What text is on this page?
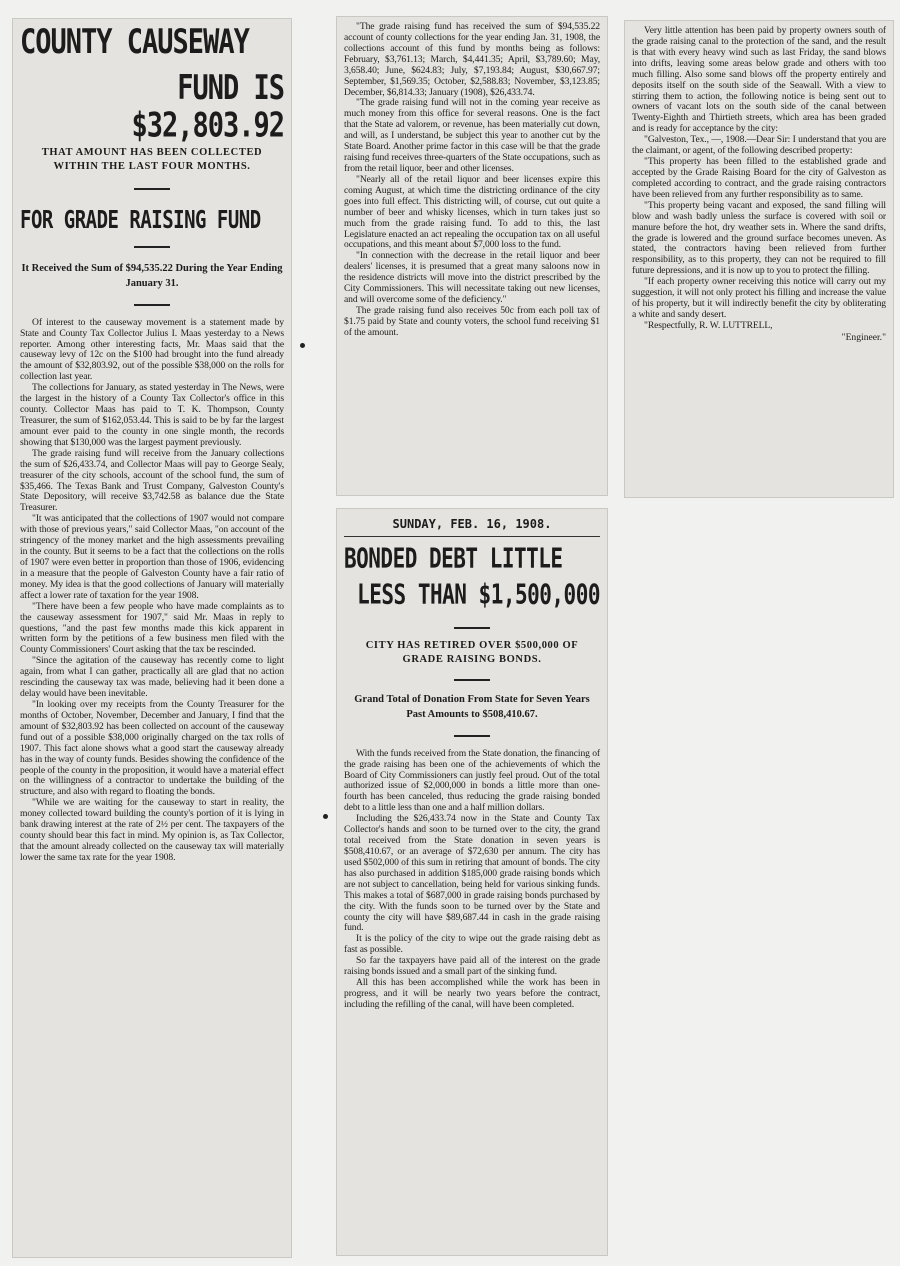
COUNTY CAUSEWAY
FUND IS $32,803.92

THAT AMOUNT HAS BEEN COLLECTED WITHIN THE LAST FOUR MONTHS.

FOR GRADE RAISING FUND

It Received the Sum of $94,535.22 During the Year Ending January 31.

Of interest to the causeway movement is a statement made by State and County Tax Collector Julius I. Maas yesterday to a News reporter. Among other interesting facts, Mr. Maas said that the causeway levy of 12c on the $100 had brought into the fund already the amount of $32,803.92, out of the possible $38,000 on the rolls for collection last year.

The collections for January, as stated yesterday in The News, were the largest in the history of a County Tax Collector's office in this county. Collector Maas has paid to T. K. Thompson, County Treasurer, the sum of $162,053.44. This is said to be by far the largest amount ever paid to the county in one single month, the records showing that $130,000 was the largest payment previously.

The grade raising fund will receive from the January collections the sum of $26,433.74, and Collector Maas will pay to George Sealy, treasurer of the city schools, account of the school fund, the sum of $35,466. The Texas Bank and Trust Company, Galveston County's State Depository, will receive $3,742.58 as balance due the State Treasurer.

"It was anticipated that the collections of 1907 would not compare with those of previous years," said Collector Maas, "on account of the stringency of the money market and the high assessments prevailing in the county. But it seems to be a fact that the collections on the rolls of 1907 were even better in proportion than those of 1906, evidencing in a measure that the people of Galveston County have a fair ratio of money. My idea is that the good collections of January will materially affect a lower rate of taxation for the year 1908.

"There have been a few people who have made complaints as to the causeway assessment for 1907," said Mr. Maas in reply to questions, "and the past few months made this kick apparent in written form by the petitions of a few business men filed with the County Commissioners' Court asking that the tax be rescinded.

"Since the agitation of the causeway has recently come to light again, from what I can gather, practically all are glad that no action rescinding the causeway tax was made, believing had it been done a delay would have been inevitable.

"In looking over my receipts from the County Treasurer for the months of October, November, December and January, I find that the amount of $32,803.92 has been collected on account of the causeway fund out of a possible $38,000 originally charged on the tax rolls of 1907. This fact alone shows what a good start the causeway already has in the way of county funds. Besides showing the confidence of the people of the county in the proposition, it would have a material effect on the willingness of a contractor to undertake the building of the structure, and also with regard to floating the bonds.

"While we are waiting for the causeway to start in reality, the money collected toward building the county's portion of it is lying in bank drawing interest at the rate of 2½ per cent. The taxpayers of the county should bear this fact in mind. My opinion is, as Tax Collector, that the amount already collected on the causeway tax will materially lower the same tax rate for the year 1908.

"The grade raising fund has received the sum of $94,535.22 account of county collections for the year ending Jan. 31, 1908, the collections account of this fund by months being as follows: February, $3,761.13; March, $4,441.35; April, $3,789.60; May, 3,658.40; June, $624.83; July, $7,193.84; August, $30,667.97; September, $1,569.35; October, $2,588.83; November, $3,123.85; December, $6,814.33; January (1908), $26,433.74.

"The grade raising fund will not in the coming year receive as much money from this office for several reasons. One is the fact that the State ad valorem, or revenue, has been materially cut down, and will, as I understand, be subject this year to another cut by the State Board. Another prime factor in this case will be that the grade raising fund receives three-quarters of the State occupations, such as from the retail liquor, beer and other licenses.

"Nearly all of the retail liquor and beer licenses expire this coming August, at which time the districting ordinance of the city goes into full effect. This districting will, of course, cut out quite a number of beer and whisky licenses, which in turn takes just so much from the grade raising fund. To add to this, the last Legislature enacted an act repealing the occupation tax on all useful occupations, and this meant about $7,000 loss to the fund.

"In connection with the decrease in the retail liquor and beer dealers' licenses, it is presumed that a great many saloons now in the residence districts will move into the district prescribed by the City Commissioners. This will necessitate taking out new licenses, and will overcome some of the deficiency."

The grade raising fund also receives 50c from each poll tax of $1.75 paid by State and county voters, the school fund receiving $1 of the amount.

SUNDAY, FEB. 16, 1908.

BONDED DEBT LITTLE
LESS THAN $1,500,000

CITY HAS RETIRED OVER $500,000 OF GRADE RAISING BONDS.

Grand Total of Donation From State for Seven Years Past Amounts to $508,410.67.

With the funds received from the State donation, the financing of the grade raising has been one of the achievements of which the Board of City Commissioners can justly feel proud. Out of the total authorized issue of $2,000,000 in bonds a little more than one-fourth has been canceled, thus reducing the grade raising bonded debt to a little less than one and a half million dollars.

Including the $26,433.74 now in the State and County Tax Collector's hands and soon to be turned over to the city, the grand total received from the State donation in seven years is $508,410.67, or an average of $72,630 per annum. The city has used $502,000 of this sum in retiring that amount of bonds. The city has also purchased in addition $185,000 grade raising bonds which are not subject to cancellation, being held for various sinking funds. This makes a total of $687,000 in grade raising bonds purchased by the city. With the funds soon to be turned over by the State and county the city will have $89,687.44 in cash in the grade raising fund.

It is the policy of the city to wipe out the grade raising debt as fast as possible.

So far the taxpayers have paid all of the interest on the grade raising bonds issued and a small part of the sinking fund.

All this has been accomplished while the work has been in progress, and it will be nearly two years before the contract, including the refilling of the canal, will have been completed.

Very little attention has been paid by property owners south of the grade raising canal to the protection of the sand, and the result is that with every heavy wind such as last Friday, the sand blows into drifts, leaving some areas below grade and others with too much filling. Also some sand blows off the property entirely and deposits itself on the south side of the Seawall. With a view to stirring them to action, the following notice is being sent out to owners of vacant lots on the south side of the canal between Twenty-Eighth and Thirtieth streets, which area has been graded and is ready for acceptance by the city:

"Galveston, Tex., —, 1908.—Dear Sir: I understand that you are the claimant, or agent, of the following described property:

"This property has been filled to the established grade and accepted by the Grade Raising Board for the city of Galveston as completed according to contract, and the grade raising contractors have been relieved from any further responsibility as to same.

"This property being vacant and exposed, the sand filling will blow and wash badly unless the surface is covered with soil or manure before the hot, dry weather sets in. Where the sand drifts, the grade is lowered and the ground surface becomes uneven. As stated, the contractors having been relieved from further responsibility, as to this property, they can not be required to fill future depressions, and it is now up to you to protect the filling.

"If each property owner receiving this notice will carry out my suggestion, it will not only protect his filling and increase the value of his property, but it will indirectly benefit the city by obliterating a white and sandy desert.

"Respectfully, R. W. LUTTRELL,

"Engineer."
